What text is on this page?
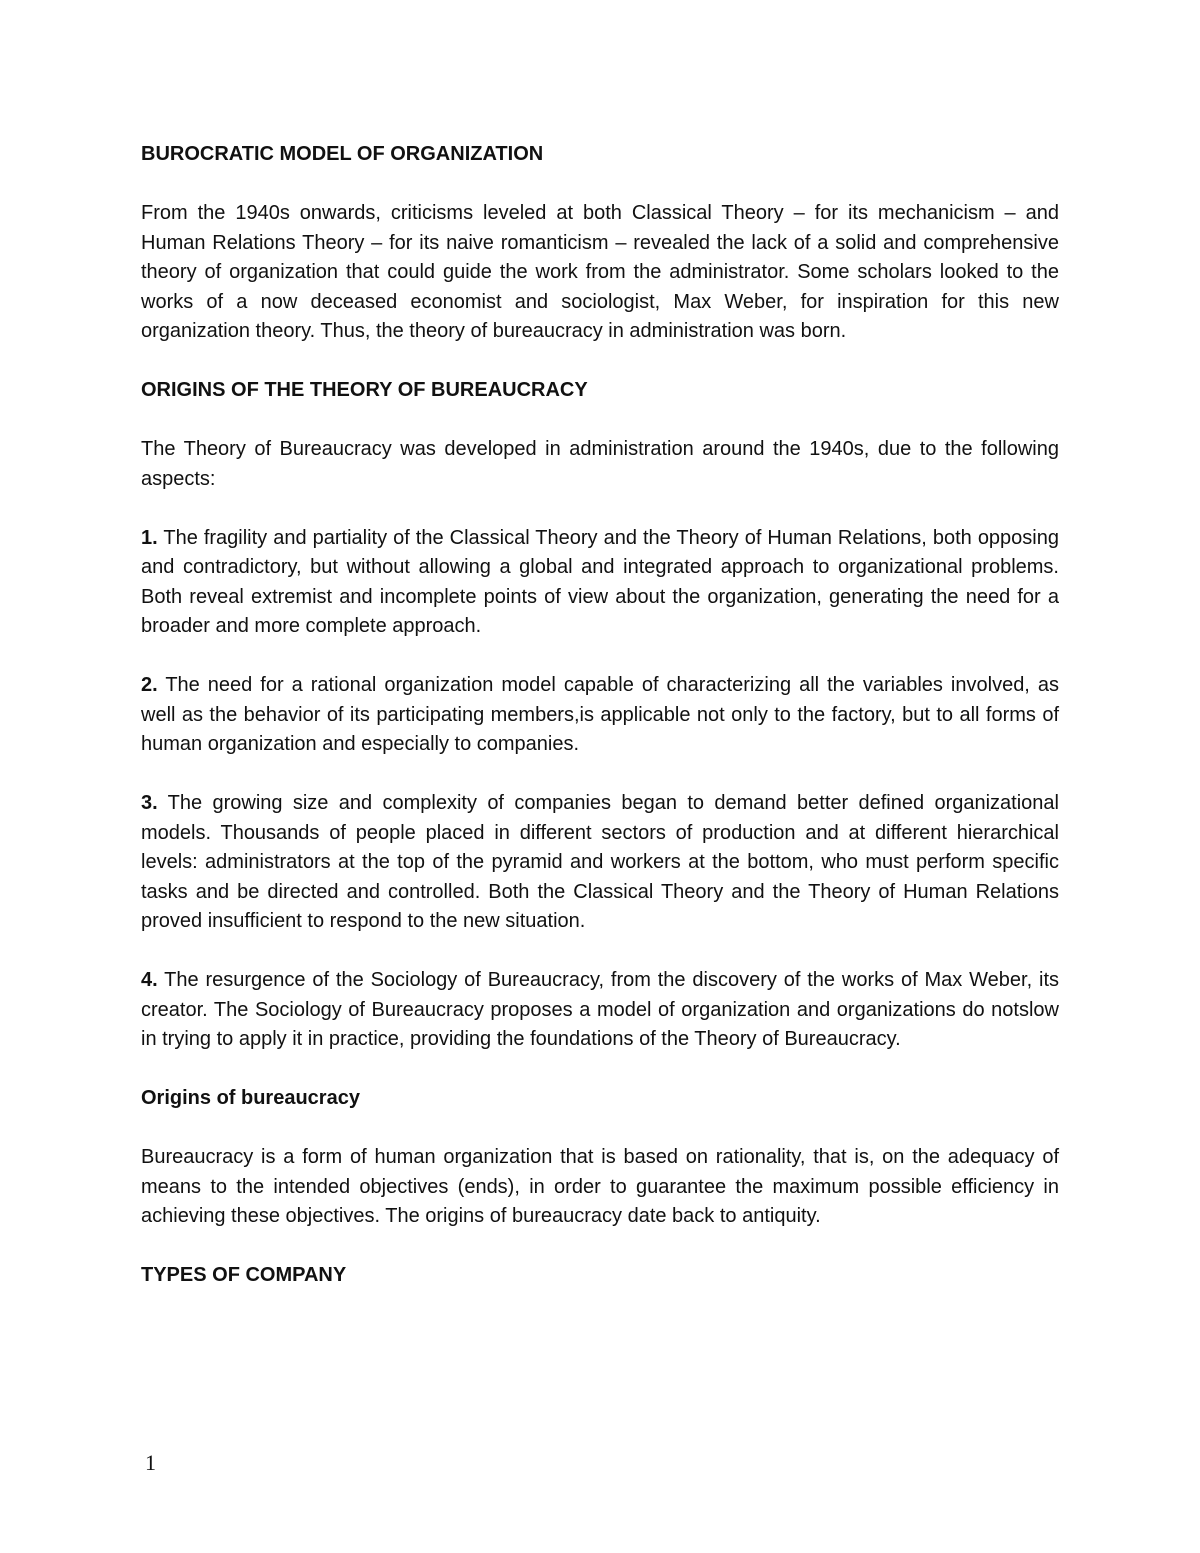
BUROCRATIC MODEL OF ORGANIZATION

From the 1940s onwards, criticisms leveled at both Classical Theory – for its mechanicism – and Human Relations Theory – for its naive romanticism – revealed the lack of a solid and comprehensive theory of organization that could guide the work from the administrator. Some scholars looked to the works of a now deceased economist and sociologist, Max Weber, for inspiration for this new organization theory. Thus, the theory of bureaucracy in administration was born.

ORIGINS OF THE THEORY OF BUREAUCRACY

The Theory of Bureaucracy was developed in administration around the 1940s, due to the following aspects:

1. The fragility and partiality of the Classical Theory and the Theory of Human Relations, both opposing and contradictory, but without allowing a global and integrated approach to organizational problems. Both reveal extremist and incomplete points of view about the organization, generating the need for a broader and more complete approach.

2. The need for a rational organization model capable of characterizing all the variables involved, as well as the behavior of its participating members,is applicable not only to the factory, but to all forms of human organization and especially to companies.

3. The growing size and complexity of companies began to demand better defined organizational models. Thousands of people placed in different sectors of production and at different hierarchical levels: administrators at the top of the pyramid and workers at the bottom, who must perform specific tasks and be directed and controlled. Both the Classical Theory and the Theory of Human Relations proved insufficient to respond to the new situation.

4. The resurgence of the Sociology of Bureaucracy, from the discovery of the works of Max Weber, its creator. The Sociology of Bureaucracy proposes a model of organization and organizations do notslow in trying to apply it in practice, providing the foundations of the Theory of Bureaucracy.

Origins of bureaucracy

Bureaucracy is a form of human organization that is based on rationality, that is, on the adequacy of means to the intended objectives (ends), in order to guarantee the maximum possible efficiency in achieving these objectives. The origins of bureaucracy date back to antiquity.

TYPES OF COMPANY

1
